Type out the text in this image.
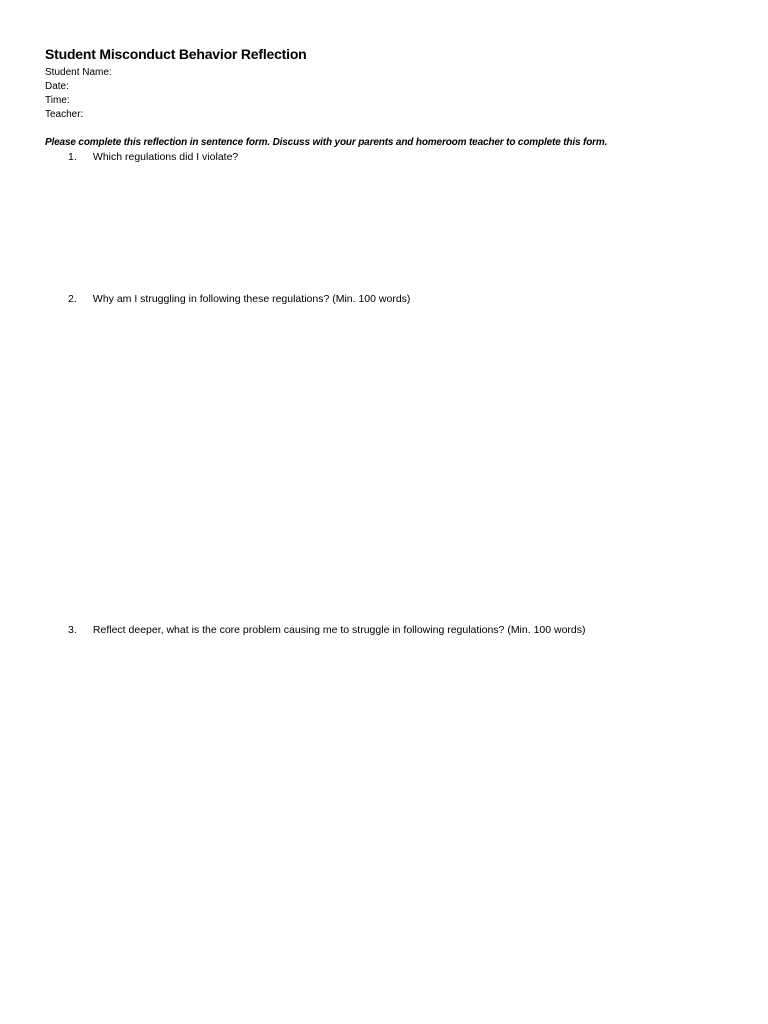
Student Misconduct Behavior Reflection
Student Name:
Date:
Time:
Teacher:
Please complete this reflection in sentence form. Discuss with your parents and homeroom teacher to complete this form.
1. Which regulations did I violate?
2. Why am I struggling in following these regulations? (Min. 100 words)
3. Reflect deeper, what is the core problem causing me to struggle in following regulations? (Min. 100 words)
